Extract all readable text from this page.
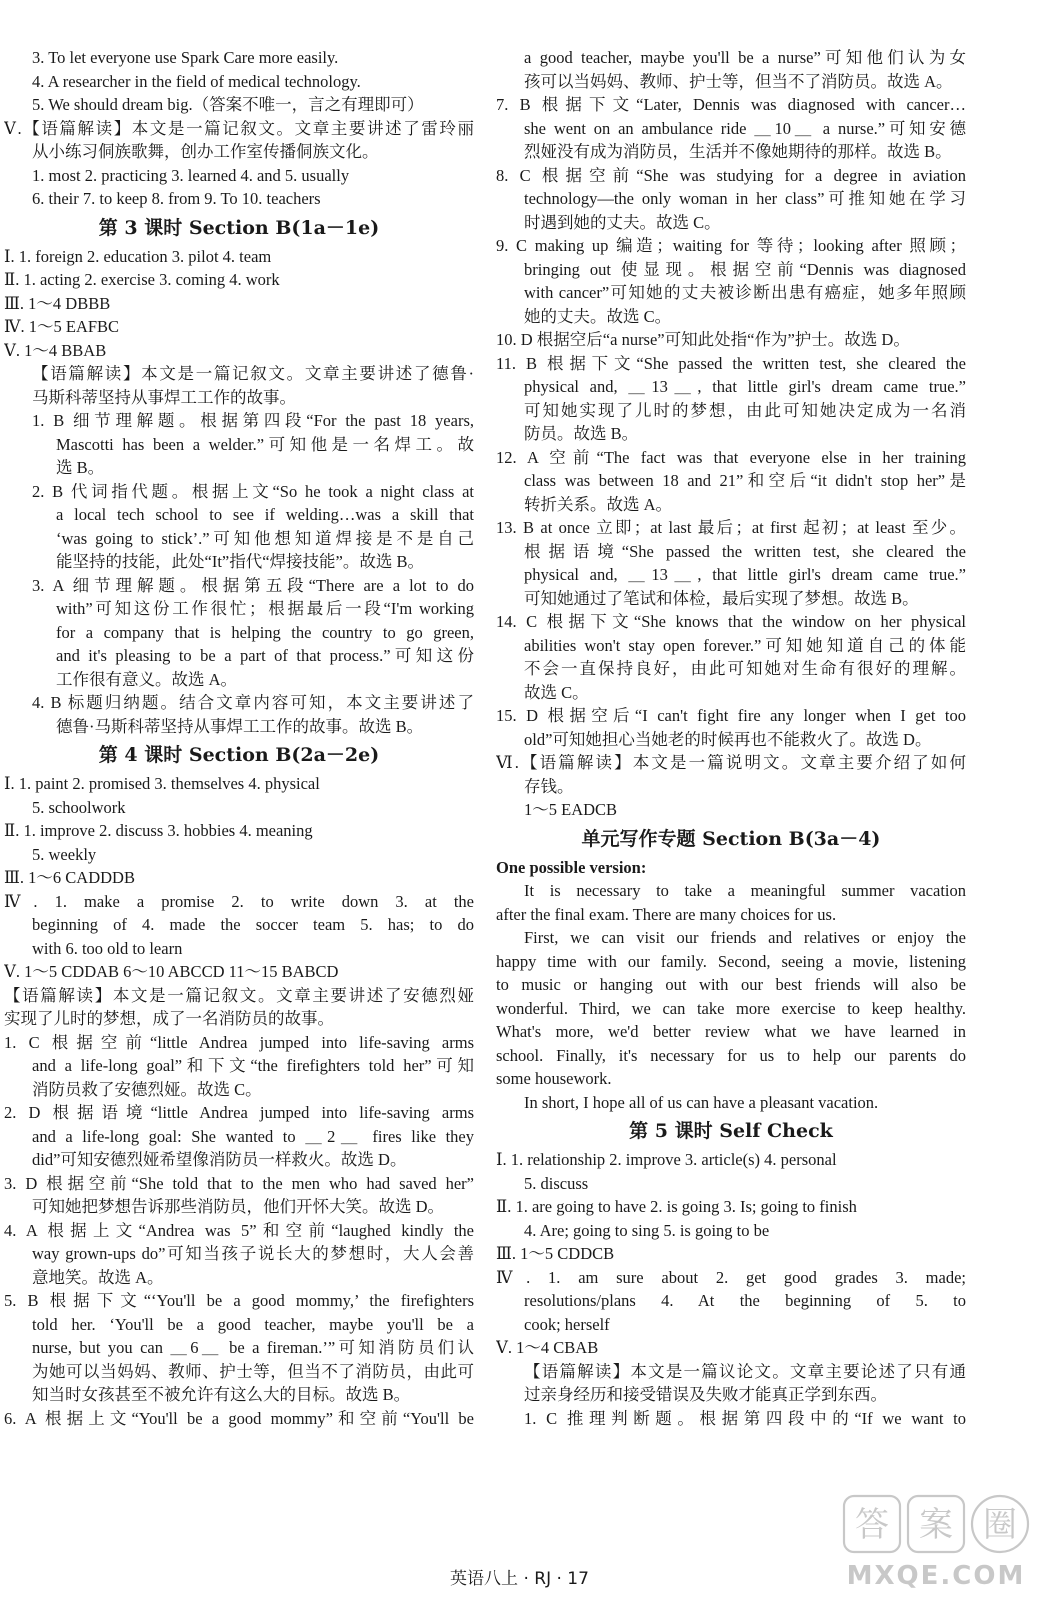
3. To let everyone use Spark Care more easily.
4. A researcher in the field of medical technology.
5. We should dream big.（答案不唯一，言之有理即可）
Ⅴ.【语篇解读】本文是一篇记叙文。文章主要讲述了雷玲丽
从小练习侗族歌舞，创办工作室传播侗族文化。
1. most 2. practicing 3. learned 4. and 5. usually
6. their 7. to keep 8. from 9. To 10. teachers
第 3 课时 Section B(1a－1e)
Ⅰ. 1. foreign 2. education 3. pilot 4. team
Ⅱ. 1. acting 2. exercise 3. coming 4. work
Ⅲ. 1～4 DBBB
Ⅳ. 1～5 EAFBC
Ⅴ. 1～4 BBAB
【语篇解读】本文是一篇记叙文。文章主要讲述了德鲁·
马斯科蒂坚持从事焊工工作的故事。
1. B 细节理解题。根据第四段“For the past 18 years,
Mascotti has been a welder.”可知他是一名焊工。故
选 B。
2. B 代词指代题。根据上文“So he took a night class at
a local tech school to see if welding…was a skill that
‘was going to stick’.”可知他想知道焊接是不是自己
能坚持的技能，此处“It”指代“焊接技能”。故选 B。
3. A 细节理解题。根据第五段“There are a lot to do
with”可知这份工作很忙；根据最后一段“I'm working
for a company that is helping the country to go green,
and it's pleasing to be a part of that process.”可知这份
工作很有意义。故选 A。
4. B 标题归纳题。结合文章内容可知，本文主要讲述了
德鲁·马斯科蒂坚持从事焊工工作的故事。故选 B。
第 4 课时 Section B(2a－2e)
Ⅰ. 1. paint 2. promised 3. themselves 4. physical
5. schoolwork
Ⅱ. 1. improve 2. discuss 3. hobbies 4. meaning
5. weekly
Ⅲ. 1～6 CADDDB
Ⅳ. 1. make a promise 2. to write down 3. at the
beginning of 4. made the soccer team 5. has; to do
with 6. too old to learn
Ⅴ. 1～5 CDDAB 6～10 ABCCD 11～15 BABCD
【语篇解读】本文是一篇记叙文。文章主要讲述了安德烈娅
实现了儿时的梦想，成了一名消防员的故事。
1. C 根据空前“little Andrea jumped into life-saving arms
and a life-long goal”和下文“the firefighters told her”可知
消防员救了安德烈娅。故选 C。
2. D 根据语境“little Andrea jumped into life-saving arms
and a life-long goal: She wanted to ＿2＿ fires like they
did”可知安德烈娅希望像消防员一样救火。故选 D。
3. D 根据空前“She told that to the men who had saved her”
可知她把梦想告诉那些消防员，他们开怀大笑。故选 D。
4. A 根据上文“Andrea was 5”和空前“laughed kindly the
way grown-ups do”可知当孩子说长大的梦想时，大人会善
意地笑。故选 A。
5. B 根据下文“‘You'll be a good mommy,’ the firefighters
told her. ‘You'll be a good teacher, maybe you'll be a
nurse, but you can ＿6＿ be a fireman.’”可知消防员们认
为她可以当妈妈、教师、护士等，但当不了消防员，由此可
知当时女孩甚至不被允许有这么大的目标。故选 B。
6. A 根据上文“You'll be a good mommy”和空前“You'll be
a good teacher, maybe you'll be a nurse”可知他们认为女
孩可以当妈妈、教师、护士等，但当不了消防员。故选 A。
7. B 根据下文“Later, Dennis was diagnosed with cancer…
she went on an ambulance ride ＿10＿ a nurse.”可知安德
烈娅没有成为消防员，生活并不像她期待的那样。故选 B。
8. C 根据空前“She was studying for a degree in aviation
technology—the only woman in her class”可推知她在学习
时遇到她的丈夫。故选 C。
9. C making up 编造；waiting for 等待；looking after 照顾；
bringing out 使显现。根据空前“Dennis was diagnosed
with cancer”可知她的丈夫被诊断出患有癌症，她多年照顾
她的丈夫。故选 C。
10. D 根据空后“a nurse”可知此处指“作为”护士。故选 D。
11. B 根据下文“She passed the written test, she cleared the
physical and, ＿13＿, that little girl's dream came true.”
可知她实现了儿时的梦想，由此可知她决定成为一名消
防员。故选 B。
12. A 空前“The fact was that everyone else in her training
class was between 18 and 21”和空后“it didn't stop her”是
转折关系。故选 A。
13. B at once 立即；at last 最后；at first 起初；at least 至少。
根据语境“She passed the written test, she cleared the
physical and, ＿13＿, that little girl's dream came true.”
可知她通过了笔试和体检，最后实现了梦想。故选 B。
14. C 根据下文“She knows that the window on her physical
abilities won't stay open forever.”可知她知道自己的体能
不会一直保持良好，由此可知她对生命有很好的理解。
故选 C。
15. D 根据空后“I can't fight fire any longer when I get too
old”可知她担心当她老的时候再也不能救火了。故选 D。
Ⅵ.【语篇解读】本文是一篇说明文。文章主要介绍了如何
存钱。
1～5 EADCB
单元写作专题 Section B(3a－4)
One possible version:
It is necessary to take a meaningful summer vacation
after the final exam. There are many choices for us.
First, we can visit our friends and relatives or enjoy the
happy time with our family. Second, seeing a movie, listening
to music or hanging out with our best friends will also be
wonderful. Third, we can take more exercise to keep healthy.
What's more, we'd better review what we have learned in
school. Finally, it's necessary for us to help our parents do
some housework.
In short, I hope all of us can have a pleasant vacation.
第 5 课时 Self Check
Ⅰ. 1. relationship 2. improve 3. article(s) 4. personal
5. discuss
Ⅱ. 1. are going to have 2. is going 3. Is; going to finish
4. Are; going to sing 5. is going to be
Ⅲ. 1～5 CDDCB
Ⅳ. 1. am sure about 2. get good grades 3. made;
resolutions/plans 4. At the beginning of 5. to
cook; herself
Ⅴ. 1～4 CBAB
【语篇解读】本文是一篇议论文。文章主要论述了只有通
过亲身经历和接受错误及失败才能真正学到东西。
1. C 推理判断题。根据第四段中的“If we want to
英语八上 · RJ · 17
答 案 圈
MXQE.COM
